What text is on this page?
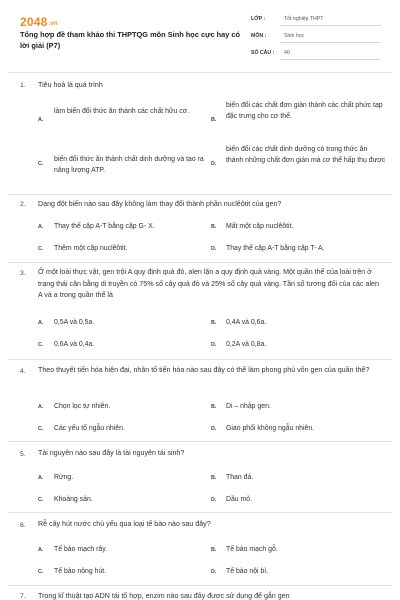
2048.vn
Tổng hợp đề tham khảo thi THPTQG môn Sinh học cực hay có lời giải (P7)
LỚP :	Tốt nghiệp THPT
MÔN :	Sinh học
SỐ CÂU : 40
1. Tiêu hoá là quá trình
A.
làm biến đổi thức ăn thành các chất hữu cơ.
B.
biến đổi các chất đơn giản thành các chất phức tạp đặc trưng cho cơ thể.
C.
biến đổi thức ăn thành chất dinh dưỡng và tạo ra năng lượng ATP.
D.
biến đổi các chất dinh dưỡng có trong thức ăn thành những chất đơn giản mà cơ thể hấp thụ được
2. Dạng đột biến nào sau đây không làm thay đổi thành phần nuclêôtit của gen?
A. Thay thế cặp A-T bằng cặp G- X.	B. Mất một cặp nuclêôtit.
C. Thêm một cặp nuclêôtit.	D. Thay thế cặp A-T bằng cặp T- A.
3. Ở một loài thực vật, gen trội A quy định quả đỏ, alen lặn a quy định quả vàng. Một quần thể của loài trên ở trạng thái cân bằng di truyền có 75% số cây quả đỏ và 25% số cây quả vàng. Tần số tương đối của các alen A và a trong quần thể là
A. 0,5A và 0,5a.	B. 0,4A và 0,6a.
C. 0,6A và 0,4a.	D. 0,2A và 0,8a.
4. Theo thuyết tiến hóa hiện đại, nhân tố tiến hóa nào sau đây có thể làm phong phú vốn gen của quần thể?
A. Chọn lọc tự nhiên.	B. Di – nhập gen.
C. Các yếu tố ngẫu nhiên.	D. Giao phối không ngẫu nhiên.
5. Tài nguyên nào sau đây là tài nguyên tái sinh?
A. Rừng.	B. Than đá.
C. Khoáng sản.	D. Dầu mỏ.
6. Rễ cây hút nước chủ yếu qua loại tế bào nào sau đây?
A. Tế bào mạch rây.	B. Tế bào mạch gỗ.
C. Tế bào nông hút.	D. Tế bào nội bì.
7. Trong kĩ thuật tạo ADN tái tổ hợp, enzim nào sau đây được sử dụng để gắn gen
